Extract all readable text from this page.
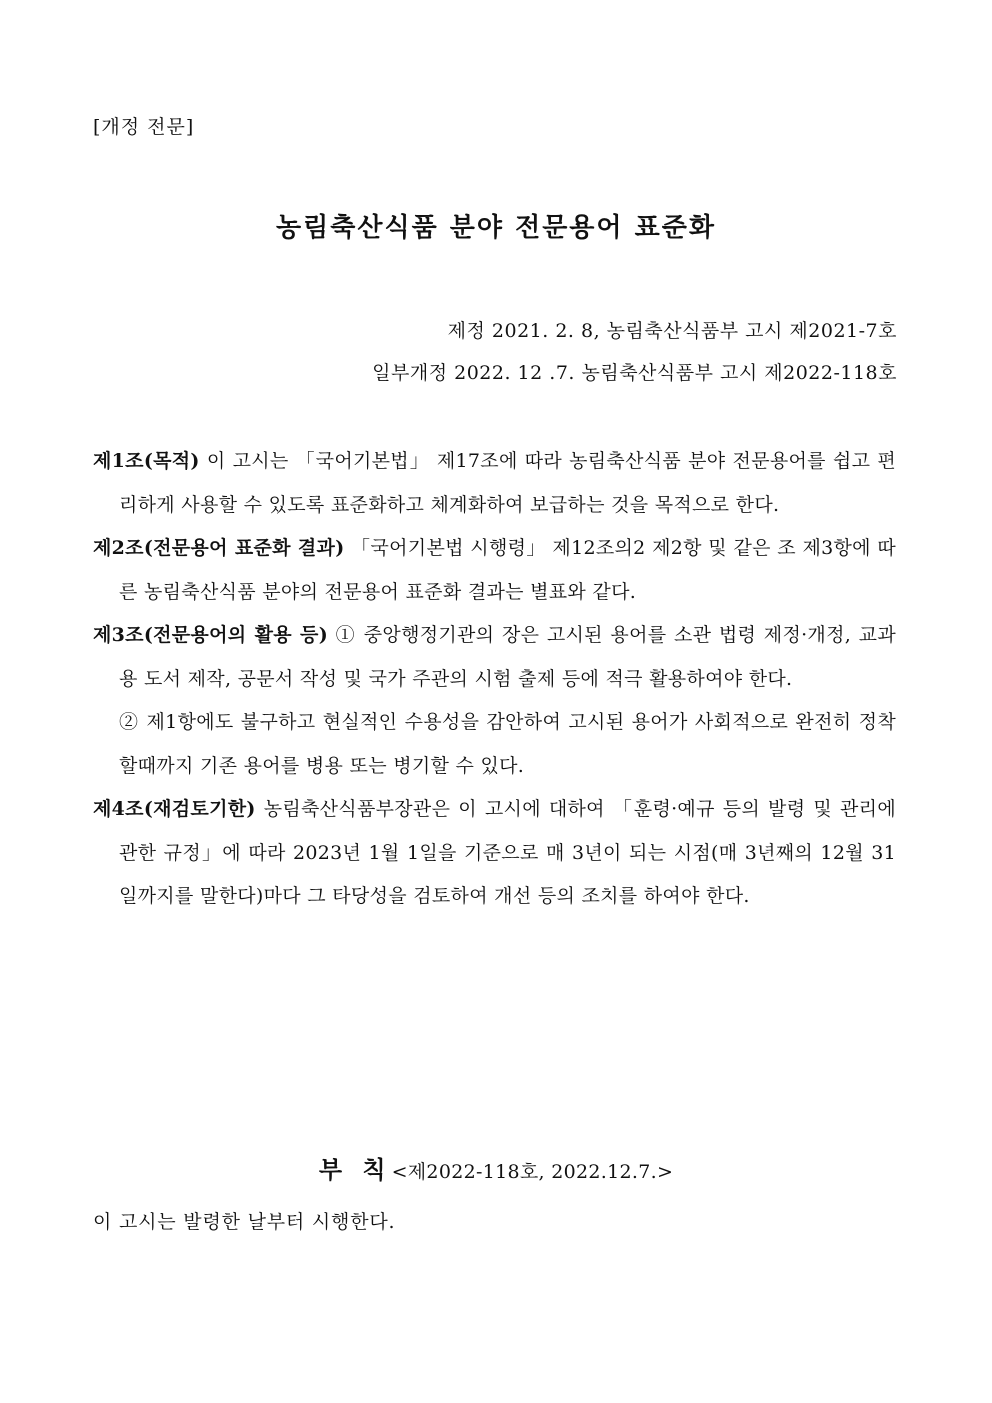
[개정 전문]
농림축산식품 분야 전문용어 표준화
제정 2021. 2. 8, 농림축산식품부 고시 제2021-7호
일부개정 2022. 12 .7. 농림축산식품부 고시 제2022-118호

제1조(목적) 이 고시는 「국어기본법」 제17조에 따라 농림축산식품 분야 전문용어를 쉽고 편리하게 사용할 수 있도록 표준화하고 체계화하여 보급하는 것을 목적으로 한다.

제2조(전문용어 표준화 결과) 「국어기본법 시행령」 제12조의2 제2항 및 같은 조 제3항에 따른 농림축산식품 분야의 전문용어 표준화 결과는 별표와 같다.

제3조(전문용어의 활용 등) ① 중앙행정기관의 장은 고시된 용어를 소관 법령 제정·개정, 교과용 도서 제작, 공문서 작성 및 국가 주관의 시험 출제 등에 적극 활용하여야 한다.

② 제1항에도 불구하고 현실적인 수용성을 감안하여 고시된 용어가 사회적으로 완전히 정착할때까지 기존 용어를 병용 또는 병기할 수 있다.

제4조(재검토기한) 농림축산식품부장관은 이 고시에 대하여 「훈령·예규 등의 발령 및 관리에 관한 규정」에 따라 2023년 1월 1일을 기준으로 매 3년이 되는 시점(매 3년째의 12월 31일까지를 말한다)마다 그 타당성을 검토하여 개선 등의 조치를 하여야 한다.

부 칙<제2022-118호, 2022.12.7.>
이 고시는 발령한 날부터 시행한다.
